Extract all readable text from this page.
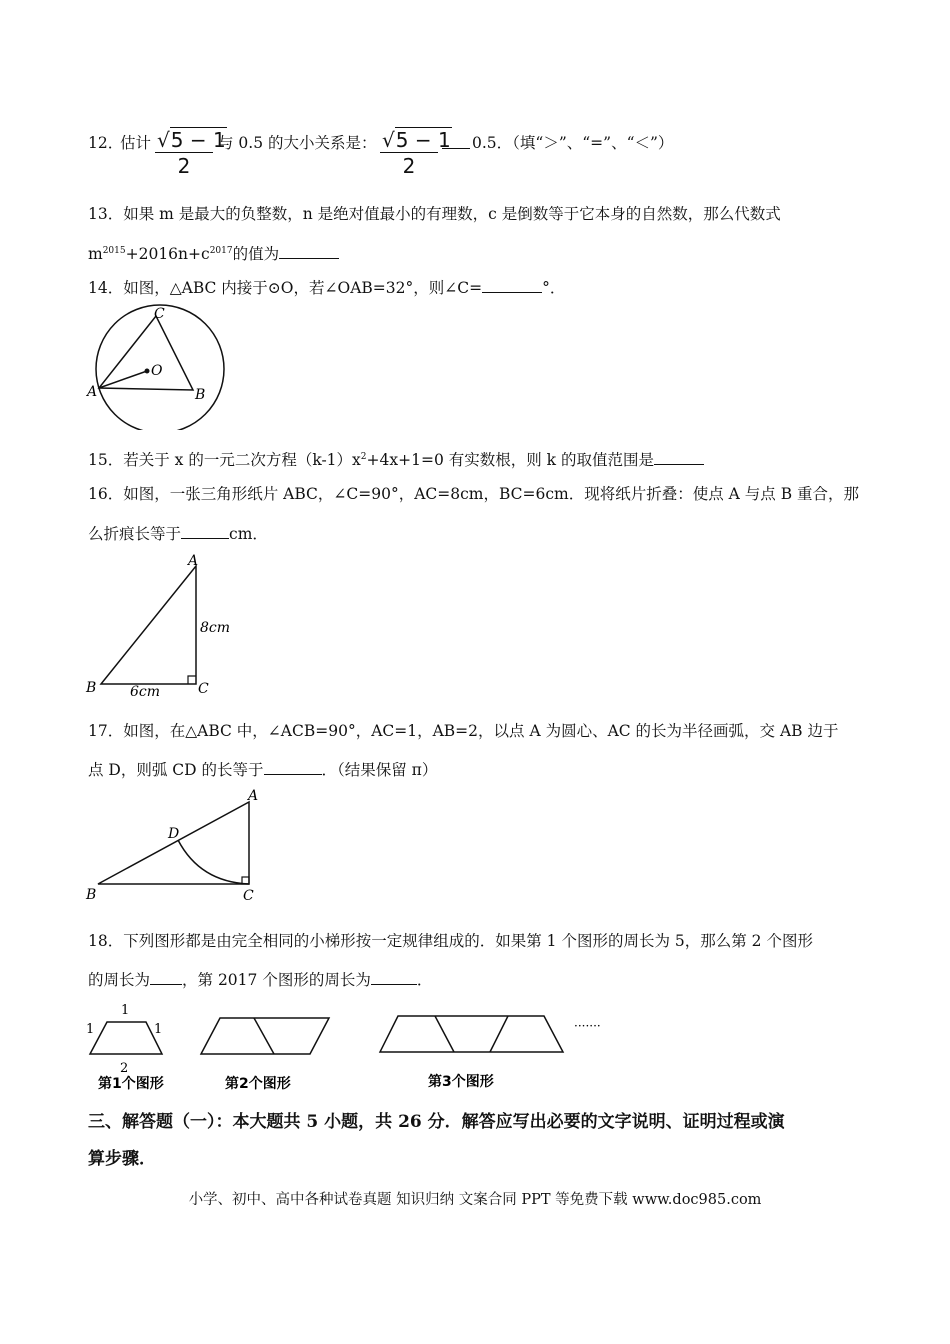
12．
估计 $\frac{√5 - 1}{2}$ 与 0.5 的大小关系是： $\frac{√5 - 1}{2} 0.5$．（填“＞”、“=”、“＜”）
13．如果 m 是最大的负整数，n 是绝对值最小的有理数，c 是倒数等于它本身的自然数，那么代数式
$m^{2015}+2016n+c^{2017}$的值为
14．如图，△ABC 内接于⊙O，若∠OAB=32°，则∠C=	°．
C
A	B
O
15．若关于 x 的一元二次方程$(k-1)x^2+4x+1=0$ 有实数根，则 k 的取值范围是
16．如图，一张三角形纸片 ABC，∠C=90°，AC=8cm，BC=6cm．现将纸片折叠：使点 A 与点 B 重合，那
么折痕长等于	cm．
A
B	C
8cm
6cm
17．如图，在△ABC 中，∠ACB=90°，AC=1，AB=2，以点 A 为圆心、AC 的长为半径画弧，交 AB 边于
点 D，则弧 CD 的长等于	．（结果保留 π）
A
B	C
D
18．下列图形都是由完全相同的小梯形按一定规律组成的．如果第 1 个图形的周长为 5，那么第 2 个图形
的周长为 ，第 2017 个图形的周长为	．
1
1	1
2
第1个图形	第2个图形	第3个图形
·······
三、解答题（一）：本大题共 5 小题，共 26 分．解答应写出必要的文字说明、证明过程或演
算步骤．
小学、初中、高中各种试卷真题 知识归纳 文案合同 PPT 等免费下载 www.doc985.com
